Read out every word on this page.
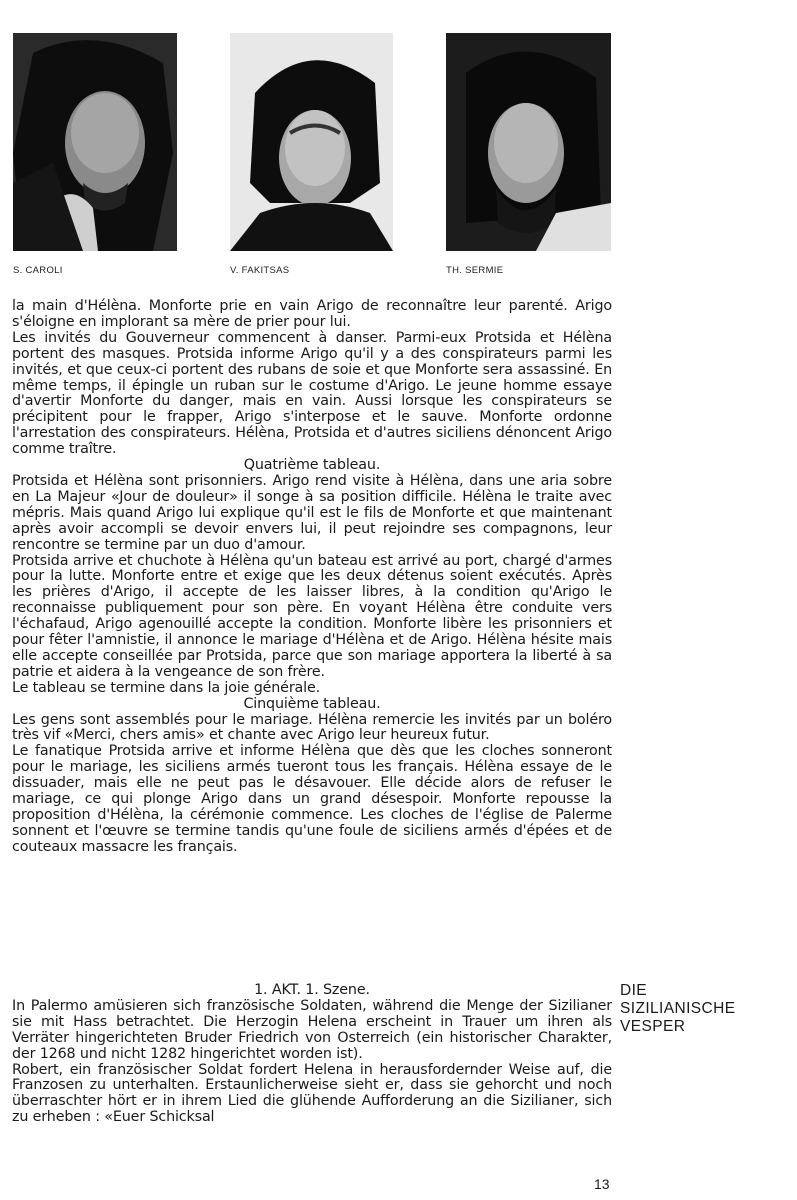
S. CAROLI	V. FAKITSAS	TH. SERMIE

la main d'Hélèna. Monforte prie en vain Arigo de reconnaître leur parenté. Arigo s'éloigne en implorant sa mère de prier pour lui.

Les invités du Gouverneur commencent à danser. Parmi-eux Protsida et Hélèna portent des masques. Protsida informe Arigo qu'il y a des conspirateurs parmi les invités, et que ceux-ci portent des rubans de soie et que Monforte sera assassiné. En même temps, il épingle un ruban sur le costume d'Arigo. Le jeune homme essaye d'avertir Monforte du danger, mais en vain. Aussi lorsque les conspirateurs se précipitent pour le frapper, Arigo s'interpose et le sauve. Monforte ordonne l'arrestation des conspirateurs. Hélèna, Protsida et d'autres siciliens dénoncent Arigo comme traître.

Quatrième tableau.

Protsida et Hélèna sont prisonniers. Arigo rend visite à Hélèna, dans une aria sobre en La Majeur «Jour de douleur» il songe à sa position difficile. Hélèna le traite avec mépris. Mais quand Arigo lui explique qu'il est le fils de Monforte et que maintenant après avoir accompli se devoir envers lui, il peut rejoindre ses compagnons, leur rencontre se termine par un duo d'amour.

Protsida arrive et chuchote à Hélèna qu'un bateau est arrivé au port, chargé d'armes pour la lutte. Monforte entre et exige que les deux détenus soient exécutés. Après les prières d'Arigo, il accepte de les laisser libres, à la condition qu'Arigo le reconnaisse publiquement pour son père. En voyant Hélèna être conduite vers l'échafaud, Arigo agenouillé accepte la condition. Monforte libère les prisonniers et pour fêter l'amnistie, il annonce le mariage d'Hélèna et de Arigo. Hélèna hésite mais elle accepte conseillée par Protsida, parce que son mariage apportera la liberté à sa patrie et aidera à la vengeance de son frère.

Le tableau se termine dans la joie générale.

Cinquième tableau.

Les gens sont assemblés pour le mariage. Hélèna remercie les invités par un boléro très vif «Merci, chers amis» et chante avec Arigo leur heureux futur.

Le fanatique Protsida arrive et informe Hélèna que dès que les cloches sonneront pour le mariage, les siciliens armés tueront tous les français. Hélèna essaye de le dissuader, mais elle ne peut pas le désavouer. Elle décide alors de refuser le mariage, ce qui plonge Arigo dans un grand désespoir. Monforte repousse la proposition d'Hélèna, la cérémonie commence. Les cloches de l'église de Palerme sonnent et l'œuvre se termine tandis qu'une foule de siciliens armés d'épées et de couteaux massacre les français.

1. AKT. 1. Szene.

In Palermo amüsieren sich französische Soldaten, während die Menge der Sizilianer sie mit Hass betrachtet. Die Herzogin Helena erscheint in Trauer um ihren als Verräter hingerichteten Bruder Friedrich von Osterreich (ein historischer Charakter, der 1268 und nicht 1282 hingerichtet worden ist).

Robert, ein französischer Soldat fordert Helena in herausfordernder Weise auf, die Franzosen zu unterhalten. Erstaunlicherweise sieht er, dass sie gehorcht und noch überraschter hört er in ihrem Lied die glühende Aufforderung an die Sizilianer, sich zu erheben : «Euer Schicksal

DIE
SIZILIANISCHE
VESPER
13
